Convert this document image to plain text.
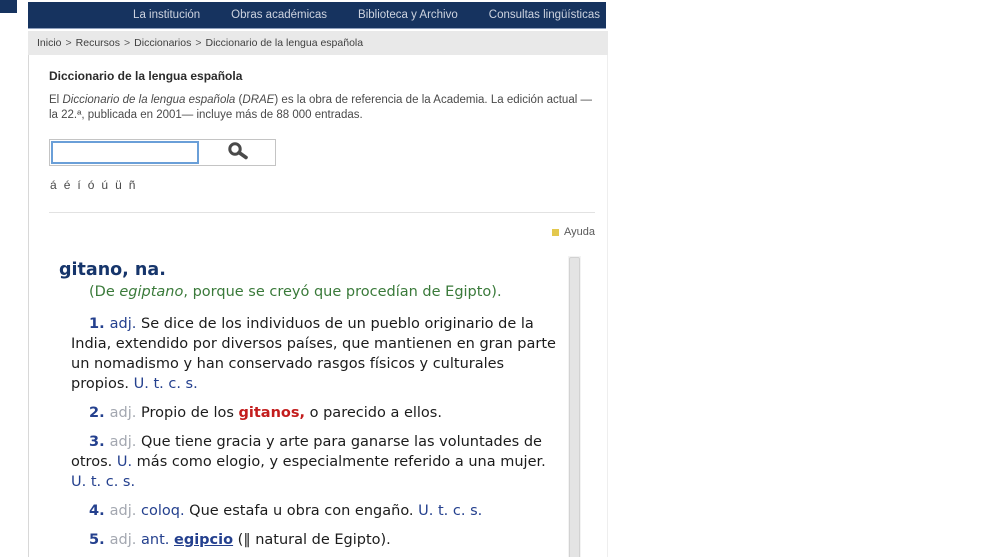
La institución	Obras académicas	Biblioteca y Archivo	Consultas lingüísticas
Inicio > Recursos > Diccionarios > Diccionario de la lengua española
Diccionario de la lengua española
El Diccionario de la lengua española (DRAE) es la obra de referencia de la Academia. La edición actual —la 22.ª, publicada en 2001— incluye más de 88 000 entradas.
á é í ó ú ü ñ
Ayuda
gitano, na.
(De egiptano, porque se creyó que procedían de Egipto).

1. adj. Se dice de los individuos de un pueblo originario de la India, extendido por diversos países, que mantienen en gran parte un nomadismo y han conservado rasgos físicos y culturales propios. U. t. c. s.

2. adj. Propio de los gitanos, o parecido a ellos.

3. adj. Que tiene gracia y arte para ganarse las voluntades de otros. U. más como elogio, y especialmente referido a una mujer. U. t. c. s.

4. adj. coloq. Que estafa u obra con engaño. U. t. c. s.

5. adj. ant. egipcio (‖ natural de Egipto).
